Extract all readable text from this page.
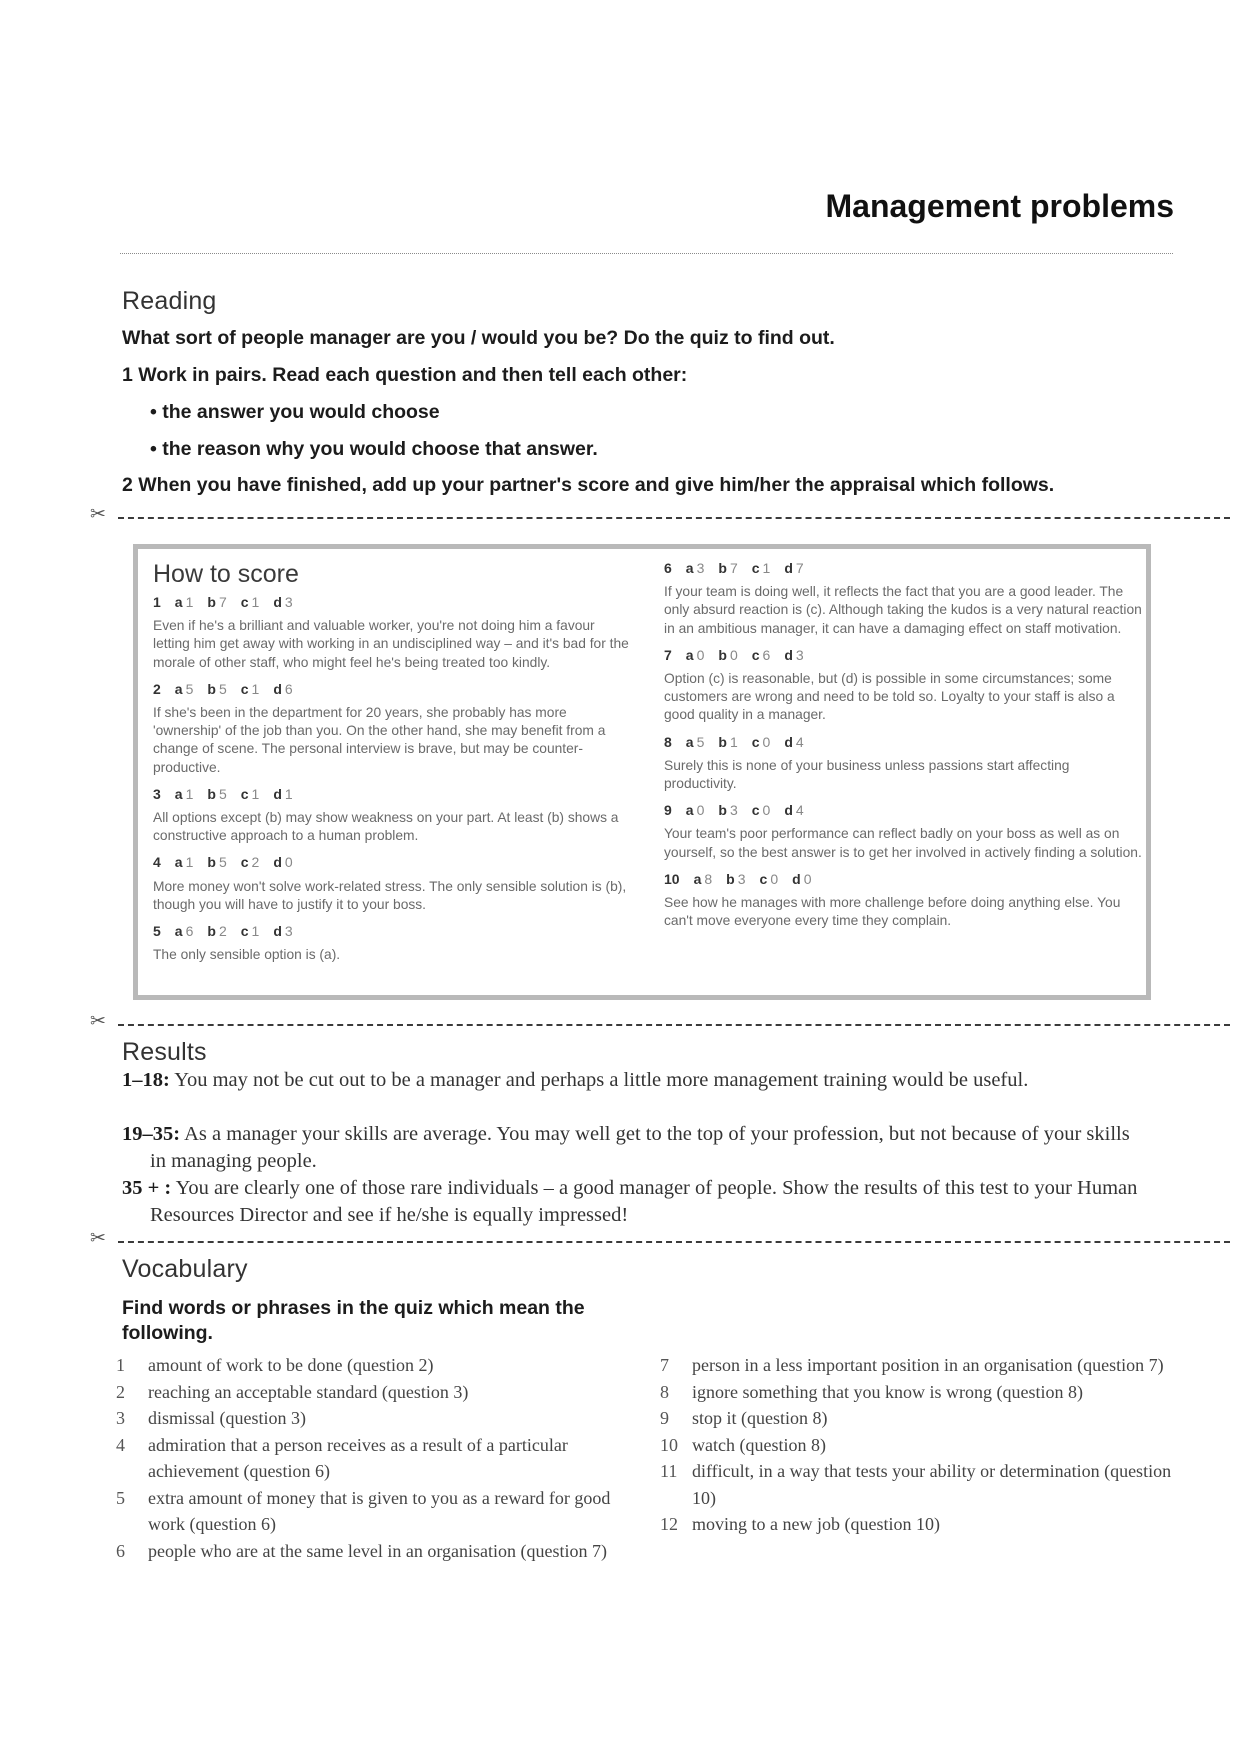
Management problems
Reading
What sort of people manager are you / would you be? Do the quiz to find out.
1 Work in pairs. Read each question and then tell each other:
• the answer you would choose
• the reason why you would choose that answer.
2 When you have finished, add up your partner's score and give him/her the appraisal which follows.
✂
How to score
1 a 1 b 7 c 1 d 3
Even if he's a brilliant and valuable worker, you're not doing him a favour letting him get away with working in an undisciplined way – and it's bad for the morale of other staff, who might feel he's being treated too kindly.
2 a 5 b 5 c 1 d 6
If she's been in the department for 20 years, she probably has more 'ownership' of the job than you. On the other hand, she may benefit from a change of scene. The personal interview is brave, but may be counter-productive.
3 a 1 b 5 c 1 d 1
All options except (b) may show weakness on your part. At least (b) shows a constructive approach to a human problem.
4 a 1 b 5 c 2 d 0
More money won't solve work-related stress. The only sensible solution is (b), though you will have to justify it to your boss.
5 a 6 b 2 c 1 d 3
The only sensible option is (a).
6 a 3 b 7 c 1 d 7
If your team is doing well, it reflects the fact that you are a good leader. The only absurd reaction is (c). Although taking the kudos is a very natural reaction in an ambitious manager, it can have a damaging effect on staff motivation.
7 a 0 b 0 c 6 d 3
Option (c) is reasonable, but (d) is possible in some circumstances; some customers are wrong and need to be told so. Loyalty to your staff is also a good quality in a manager.
8 a 5 b 1 c 0 d 4
Surely this is none of your business unless passions start affecting productivity.
9 a 0 b 3 c 0 d 4
Your team's poor performance can reflect badly on your boss as well as on yourself, so the best answer is to get her involved in actively finding a solution.
10 a 8 b 3 c 0 d 0
See how he manages with more challenge before doing anything else. You can't move everyone every time they complain.
✂
Results
1–18: You may not be cut out to be a manager and perhaps a little more management training would be useful.
19–35: As a manager your skills are average. You may well get to the top of your profession, but not because of your skills in managing people.
35 + : You are clearly one of those rare individuals – a good manager of people. Show the results of this test to your Human Resources Director and see if he/she is equally impressed!
✂
Vocabulary
Find words or phrases in the quiz which mean the following.

1	amount of work to be done (question 2)

2	reaching an acceptable standard (question 3)

3	dismissal (question 3)

4	admiration that a person receives as a result of a particular achievement (question 6)

5	extra amount of money that is given to you as a reward for good work (question 6)

6	people who are at the same level in an organisation (question 7)

7	person in a less important position in an organisation (question 7)

8	ignore something that you know is wrong (question 8)

9	stop it (question 8)

10 watch (question 8)

11 difficult, in a way that tests your ability or determination (question 10)

12 moving to a new job (question 10)
